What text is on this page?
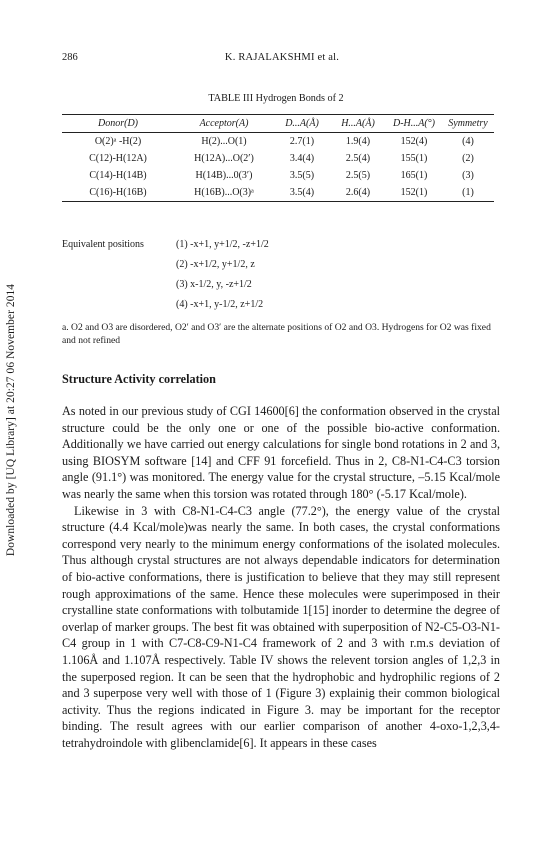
Downloaded by [UQ Library] at 20:27 06 November 2014
286	K. RAJALAKSHMI et al.
TABLE III Hydrogen Bonds of 2
Donor(D)	Acceptor(A)	D...A(Å)	H...A(Å)	D-H...A(°)	Symmetry
O(2)ᵃ -H(2)	H(2)...O(1)	2.7(1)	1.9(4)	152(4)	(4)
C(12)-H(12A)	H(12A)...O(2′)	3.4(4)	2.5(4)	155(1)	(2)
C(14)-H(14B)	H(14B)...0(3′)	3.5(5)	2.5(5)	165(1)	(3)
C(16)-H(16B)	H(16B)...O(3)ᵃ	3.5(4)	2.6(4)	152(1)	(1)
Equivalent positions	(1) -x+1, y+1/2, -z+1/2
(2) -x+1/2, y+1/2, z
(3) x-1/2, y, -z+1/2
(4) -x+1, y-1/2, z+1/2
a. O2 and O3 are disordered, O2′ and O3′ are the alternate positions of O2 and O3. Hydrogens for O2 was fixed and not refined
Structure Activity correlation

As noted in our previous study of CGI 14600[6] the conformation observed in the crystal structure could be the only one or one of the possible bio-active conformation. Additionally we have carried out energy calculations for single bond rotations in 2 and 3, using BIOSYM software [14] and CFF 91 forcefield. Thus in 2, C8-N1-C4-C3 torsion angle (91.1°) was monitored. The energy value for the crystal structure, –5.15 Kcal/mole was nearly the same when this torsion was rotated through 180° (-5.17 Kcal/mole).

Likewise in 3 with C8-N1-C4-C3 angle (77.2°), the energy value of the crystal structure (4.4 Kcal/mole)was nearly the same. In both cases, the crystal conformations correspond very nearly to the minimum energy conformations of the isolated molecules. Thus although crystal structures are not always dependable indicators for determination of bio-active conformations, there is justification to believe that they may still represent rough approximations of the same. Hence these molecules were superimposed in their crystalline state conformations with tolbutamide 1[15] inorder to determine the degree of overlap of marker groups. The best fit was obtained with superposition of N2-C5-O3-N1-C4 group in 1 with C7-C8-C9-N1-C4 framework of 2 and 3 with r.m.s deviation of 1.106Å and 1.107Å respectively. Table IV shows the relevent torsion angles of 1,2,3 in the superposed region. It can be seen that the hydrophobic and hydrophilic regions of 2 and 3 superpose very well with those of 1 (Figure 3) explainig their common biological activity. Thus the regions indicated in Figure 3. may be important for the receptor binding. The result agrees with our earlier comparison of another 4-oxo-1,2,3,4-tetrahydroindole with glibenclamide[6]. It appears in these cases
